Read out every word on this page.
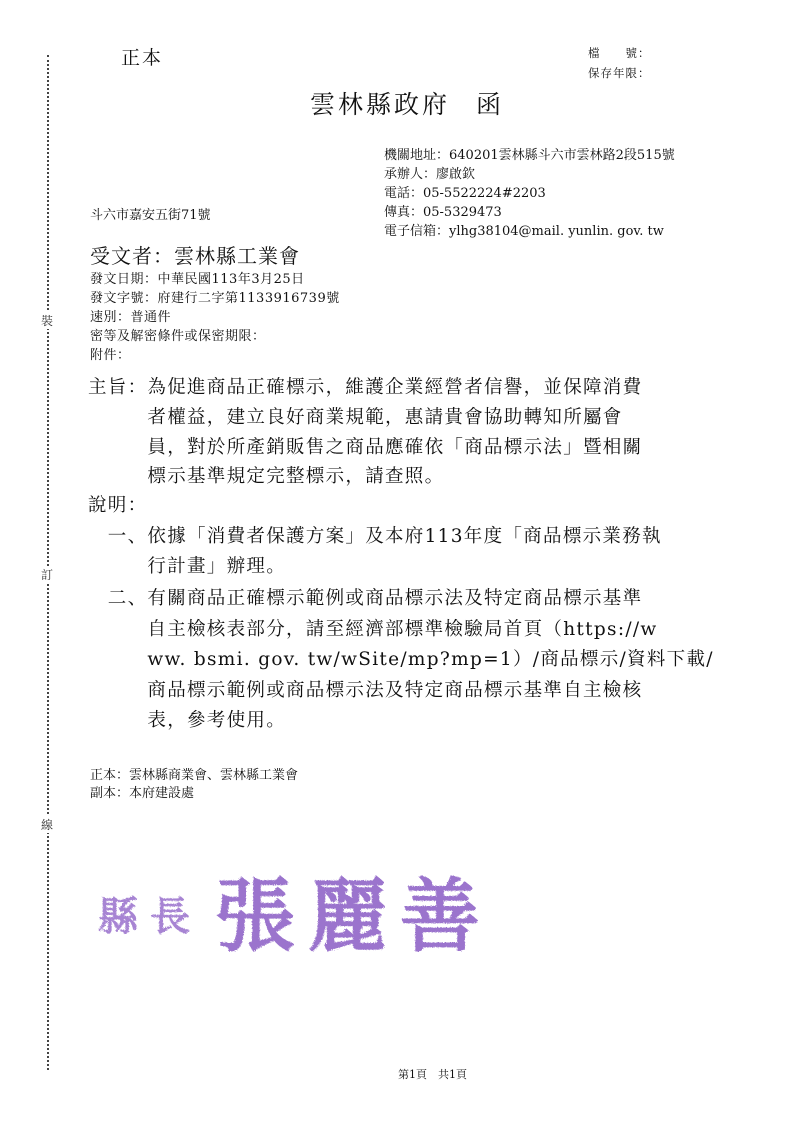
裝
訂
線
正本	檔　　號：
保存年限：
雲林縣政府 函
機關地址：640201雲林縣斗六市雲林路2段515號
承辦人：廖啟欽
電話：05-5522224#2203
傳真：05-5329473
電子信箱：ylhg38104@mail. yunlin. gov. tw
斗六市嘉安五街71號
受文者：雲林縣工業會
發文日期：中華民國113年3月25日
發文字號：府建行二字第1133916739號
速別：普通件
密等及解密條件或保密期限：
附件：
主旨：為促進商品正確標示，維護企業經營者信譽，並保障消費
　　　者權益，建立良好商業規範，惠請貴會協助轉知所屬會
　　　員，對於所產銷販售之商品應確依「商品標示法」暨相關
　　　標示基準規定完整標示，請查照。
說明：
　一、依據「消費者保護方案」及本府113年度「商品標示業務執
　　　行計畫」辦理。
　二、有關商品正確標示範例或商品標示法及特定商品標示基準
　　　自主檢核表部分，請至經濟部標準檢驗局首頁（https://w
　　　ww. bsmi. gov. tw/wSite/mp?mp=1）/商品標示/資料下載/
　　　商品標示範例或商品標示法及特定商品標示基準自主檢核
　　　表，參考使用。
正本：雲林縣商業會、雲林縣工業會
副本：本府建設處
縣 長 張 麗 善
第1頁　共1頁
